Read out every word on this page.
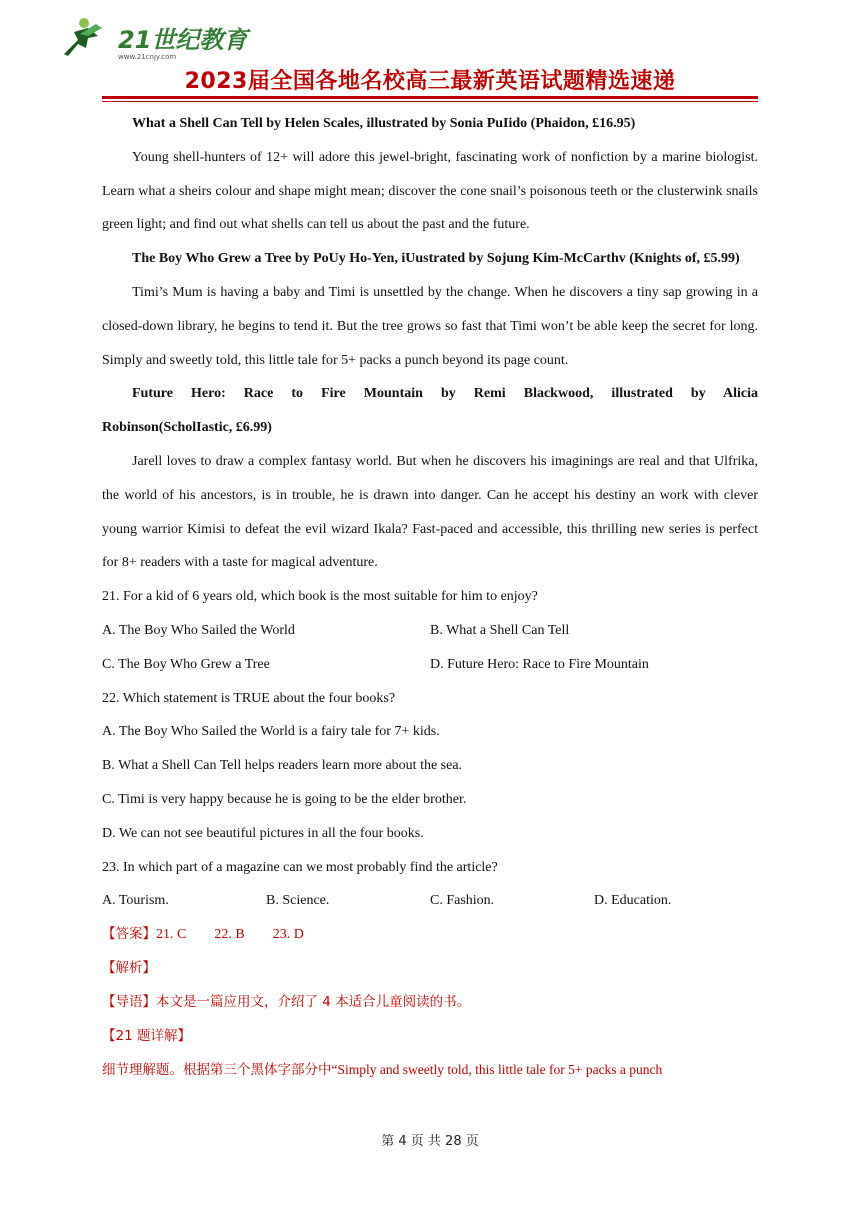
21世纪教育
www.21cnjy.com
2023届全国各地名校高三最新英语试题精选速递

What a Shell Can Tell by Helen Scales, illustrated by Sonia PuIido (Phaidon, £16.95)

Young shell-hunters of 12+ will adore this jewel-bright, fascinating work of nonfiction by a marine biologist. Learn what a sheirs colour and shape might mean; discover the cone snail’s poisonous teeth or the clusterwink snails green light; and find out what shells can tell us about the past and the future.

The Boy Who Grew a Tree by PoUy Ho-Yen, iUustrated by Sojung Kim-McCarthv (Knights of, £5.99)

Timi’s Mum is having a baby and Timi is unsettled by the change. When he discovers a tiny sap growing in a closed-down library, he begins to tend it. But the tree grows so fast that Timi won’t be able keep the secret for long. Simply and sweetly told, this little tale for 5+ packs a punch beyond its page count.

Future Hero: Race to Fire Mountain by Remi Blackwood, illustrated by Alicia

Robinson(ScholIastic, £6.99)

Jarell loves to draw a complex fantasy world. But when he discovers his imaginings are real and that Ulfrika, the world of his ancestors, is in trouble, he is drawn into danger. Can he accept his destiny an work with clever young warrior Kimisi to defeat the evil wizard Ikala? Fast-paced and accessible, this thrilling new series is perfect for 8+ readers with a taste for magical adventure.

21. For a kid of 6 years old, which book is the most suitable for him to enjoy?

A. The Boy Who Sailed the World	B. What a Shell Can Tell
C. The Boy Who Grew a Tree	D. Future Hero: Race to Fire Mountain

22. Which statement is TRUE about the four books?

A. The Boy Who Sailed the World is a fairy tale for 7+ kids.

B. What a Shell Can Tell helps readers learn more about the sea.

C. Timi is very happy because he is going to be the elder brother.

D. We can not see beautiful pictures in all the four books.

23. In which part of a magazine can we most probably find the article?

A. Tourism.	B. Science.	C. Fashion.	D. Education.

【答案】21. C 22. B 23. D

【解析】

【导语】本文是一篇应用文，介绍了 4 本适合儿童阅读的书。

【21 题详解】

细节理解题。根据第三个黑体字部分中“Simply and sweetly told, this little tale for 5+ packs a punch

第 4 页 共 28 页
